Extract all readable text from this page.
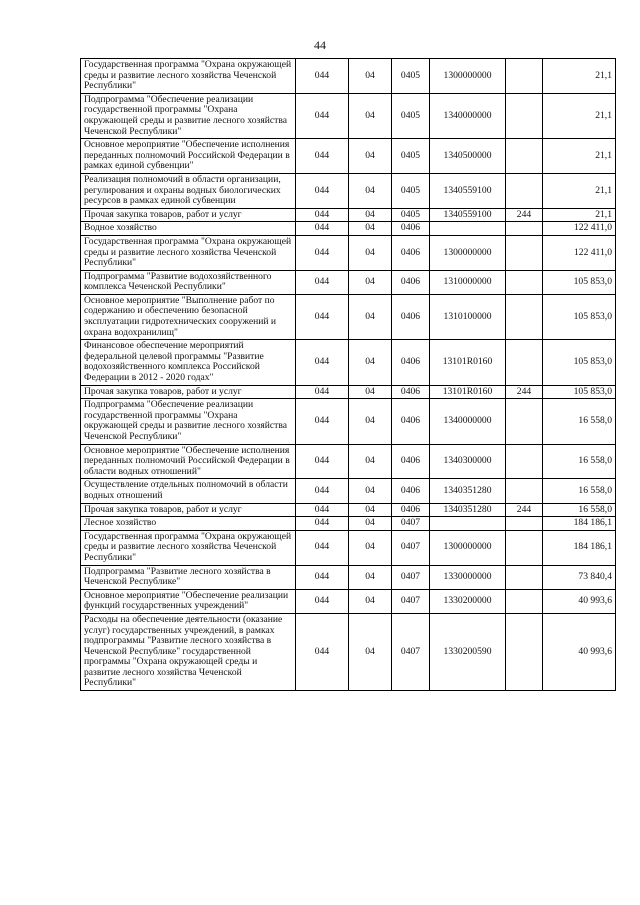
44
Государственная программа "Охрана окружающей среды и развитие лесного хозяйства Чеченской Республики"	044	04	0405	1300000000		21,1
Подпрограмма "Обеспечение реализации государственной программы "Охрана окружающей среды и развитие лесного хозяйства Чеченской Республики"	044	04	0405	1340000000		21,1
Основное мероприятие "Обеспечение исполнения переданных полномочий Российской Федерации в рамках единой субвенции"	044	04	0405	1340500000		21,1
Реализация полномочий в области организации, регулирования и охраны водных биологических ресурсов в рамках единой субвенции	044	04	0405	1340559100		21,1
Прочая закупка товаров, работ и услуг	044	04	0405	1340559100	244	21,1
Водное хозяйство	044	04	0406			122 411,0
Государственная программа "Охрана окружающей среды и развитие лесного хозяйства Чеченской Республики"	044	04	0406	1300000000		122 411,0
Подпрограмма "Развитие водохозяйственного комплекса Чеченской Республики"	044	04	0406	1310000000		105 853,0
Основное мероприятие "Выполнение работ по содержанию и обеспечению безопасной эксплуатации гидротехнических сооружений и охрана водохранилищ"	044	04	0406	1310100000		105 853,0
Финансовое обеспечение мероприятий федеральной целевой программы "Развитие водохозяйственного комплекса Российской Федерации в 2012 - 2020 годах"	044	04	0406	13101R0160		105 853,0
Прочая закупка товаров, работ и услуг	044	04	0406	13101R0160	244	105 853,0
Подпрограмма "Обеспечение реализации государственной программы "Охрана окружающей среды и развитие лесного хозяйства Чеченской Республики"	044	04	0406	1340000000		16 558,0
Основное мероприятие "Обеспечение исполнения переданных полномочий Российской Федерации в области водных отношений"	044	04	0406	1340300000		16 558,0
Осуществление отдельных полномочий в области водных отношений	044	04	0406	1340351280		16 558,0
Прочая закупка товаров, работ и услуг	044	04	0406	1340351280	244	16 558,0
Лесное хозяйство	044	04	0407			184 186,1
Государственная программа "Охрана окружающей среды и развитие лесного хозяйства Чеченской Республики"	044	04	0407	1300000000		184 186,1
Подпрограмма "Развитие лесного хозяйства в Чеченской Республике"	044	04	0407	1330000000		73 840,4
Основное мероприятие "Обеспечение реализации функций государственных учреждений"	044	04	0407	1330200000		40 993,6
Расходы на обеспечение деятельности (оказание услуг) государственных учреждений, в рамках подпрограммы "Развитие лесного хозяйства в Чеченской Республике" государственной программы "Охрана окружающей среды и развитие лесного хозяйства Чеченской Республики"	044	04	0407	1330200590		40 993,6
